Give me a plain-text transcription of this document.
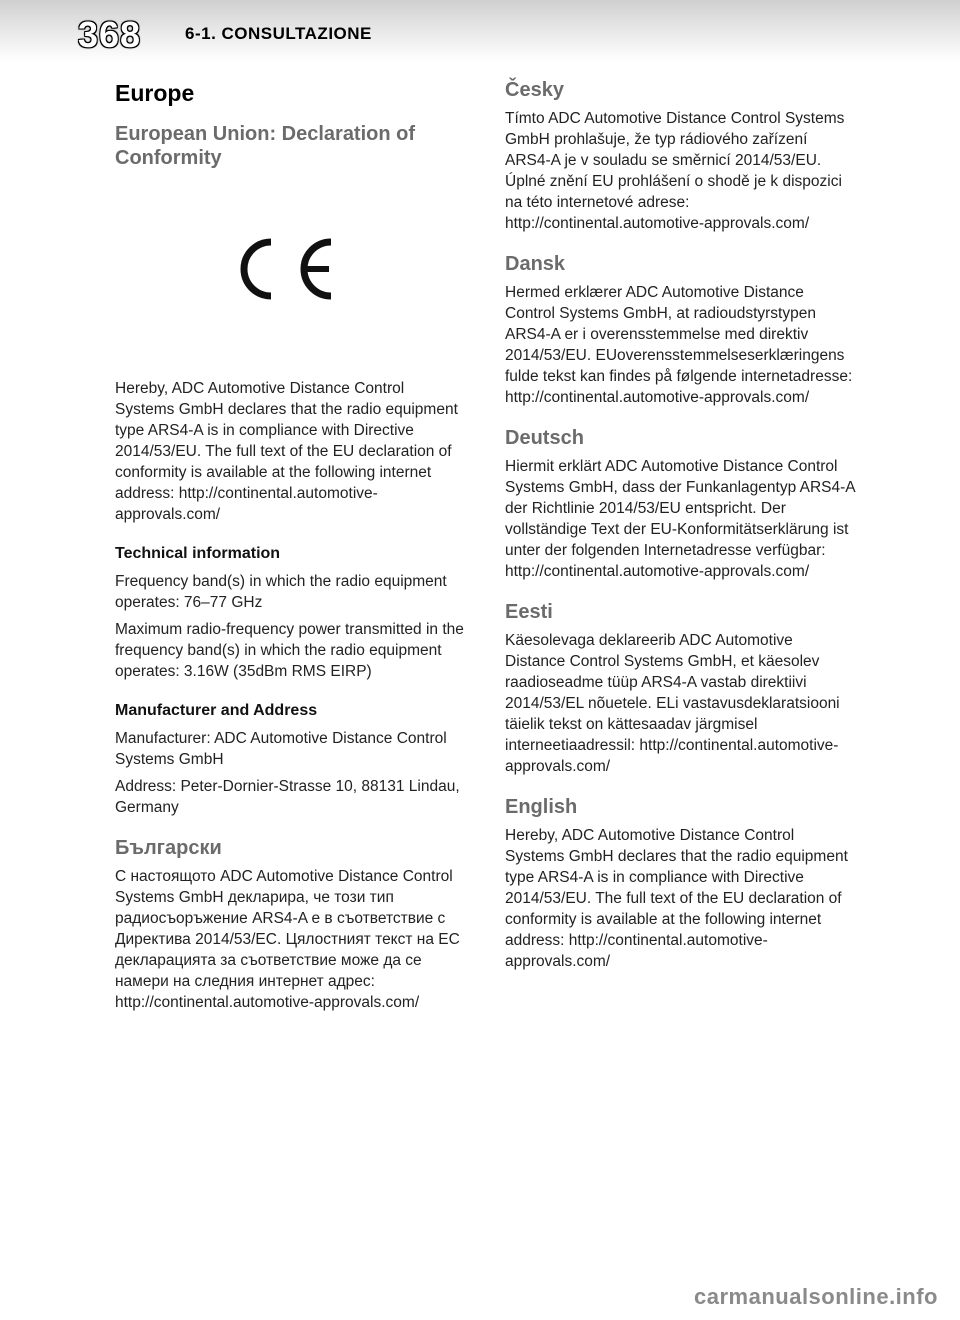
368	6-1. CONSULTAZIONE
Europe
European Union: Declaration of Conformity
Hereby, ADC Automotive Distance Control Systems GmbH declares that the radio equipment type ARS4-A is in compliance with Directive 2014/53/EU. The full text of the EU declaration of conformity is available at the following internet address: http://continental.automotive-approvals.com/
Technical information
Frequency band(s) in which the radio equipment operates: 76–77 GHz
Maximum radio-frequency power transmitted in the frequency band(s) in which the radio equipment operates: 3.16W (35dBm RMS EIRP)
Manufacturer and Address
Manufacturer: ADC Automotive Distance Control Systems GmbH
Address: Peter-Dornier-Strasse 10, 88131 Lindau, Germany
Български
С настоящото ADC Automotive Distance Control Systems GmbH декларира, че този тип радиосъоръжение ARS4-A е в съответствие с Директива 2014/53/ЕС. Цялостният текст на ЕС декларацията за съответствие може да се намери на следния интернет адрес: http://continental.automotive-approvals.com/
Česky
Tímto ADC Automotive Distance Control Systems GmbH prohlašuje, že typ rádiového zařízení ARS4-A je v souladu se směrnicí 2014/53/EU. Úplné znění EU prohlášení o shodě je k dispozici na této internetové adrese: http://continental.automotive-approvals.com/
Dansk
Hermed erklærer ADC Automotive Distance Control Systems GmbH, at radioudstyrstypen ARS4-A er i overensstemmelse med direktiv 2014/53/EU. EUoverensstemmelseserklæringens fulde tekst kan findes på følgende internetadresse: http://continental.automotive-approvals.com/
Deutsch
Hiermit erklärt ADC Automotive Distance Control Systems GmbH, dass der Funkanlagentyp ARS4-A der Richtlinie 2014/53/EU entspricht. Der vollständige Text der EU-Konformitätserklärung ist unter der folgenden Internetadresse verfügbar: http://continental.automotive-approvals.com/
Eesti
Käesolevaga deklareerib ADC Automotive Distance Control Systems GmbH, et käesolev raadioseadme tüüp ARS4-A vastab direktiivi 2014/53/EL nõuetele. ELi vastavusdeklaratsiooni täielik tekst on kättesaadav järgmisel interneetiaadressil: http://continental.automotive-approvals.com/
English
Hereby, ADC Automotive Distance Control Systems GmbH declares that the radio equipment type ARS4-A is in compliance with Directive 2014/53/EU. The full text of the EU declaration of conformity is available at the following internet address: http://continental.automotive-approvals.com/
carmanualsonline.info
